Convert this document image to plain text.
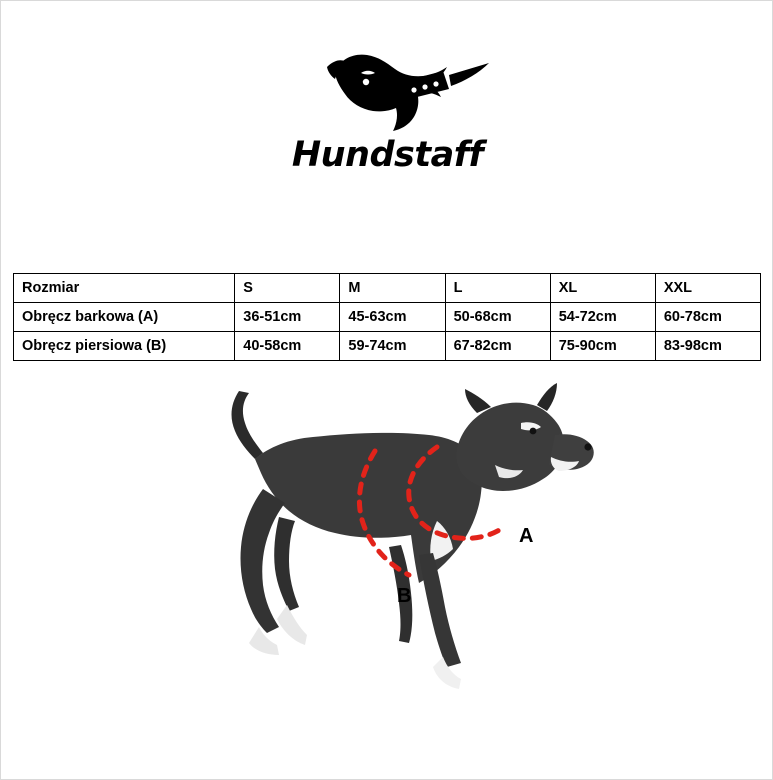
Hundstaff
Rozmiar	S	M	L	XL	XXL
Obręcz barkowa (A)	36-51cm	45-63cm	50-68cm	54-72cm	60-78cm
Obręcz piersiowa (B)	40-58cm	59-74cm	67-82cm	75-90cm	83-98cm
A
B
